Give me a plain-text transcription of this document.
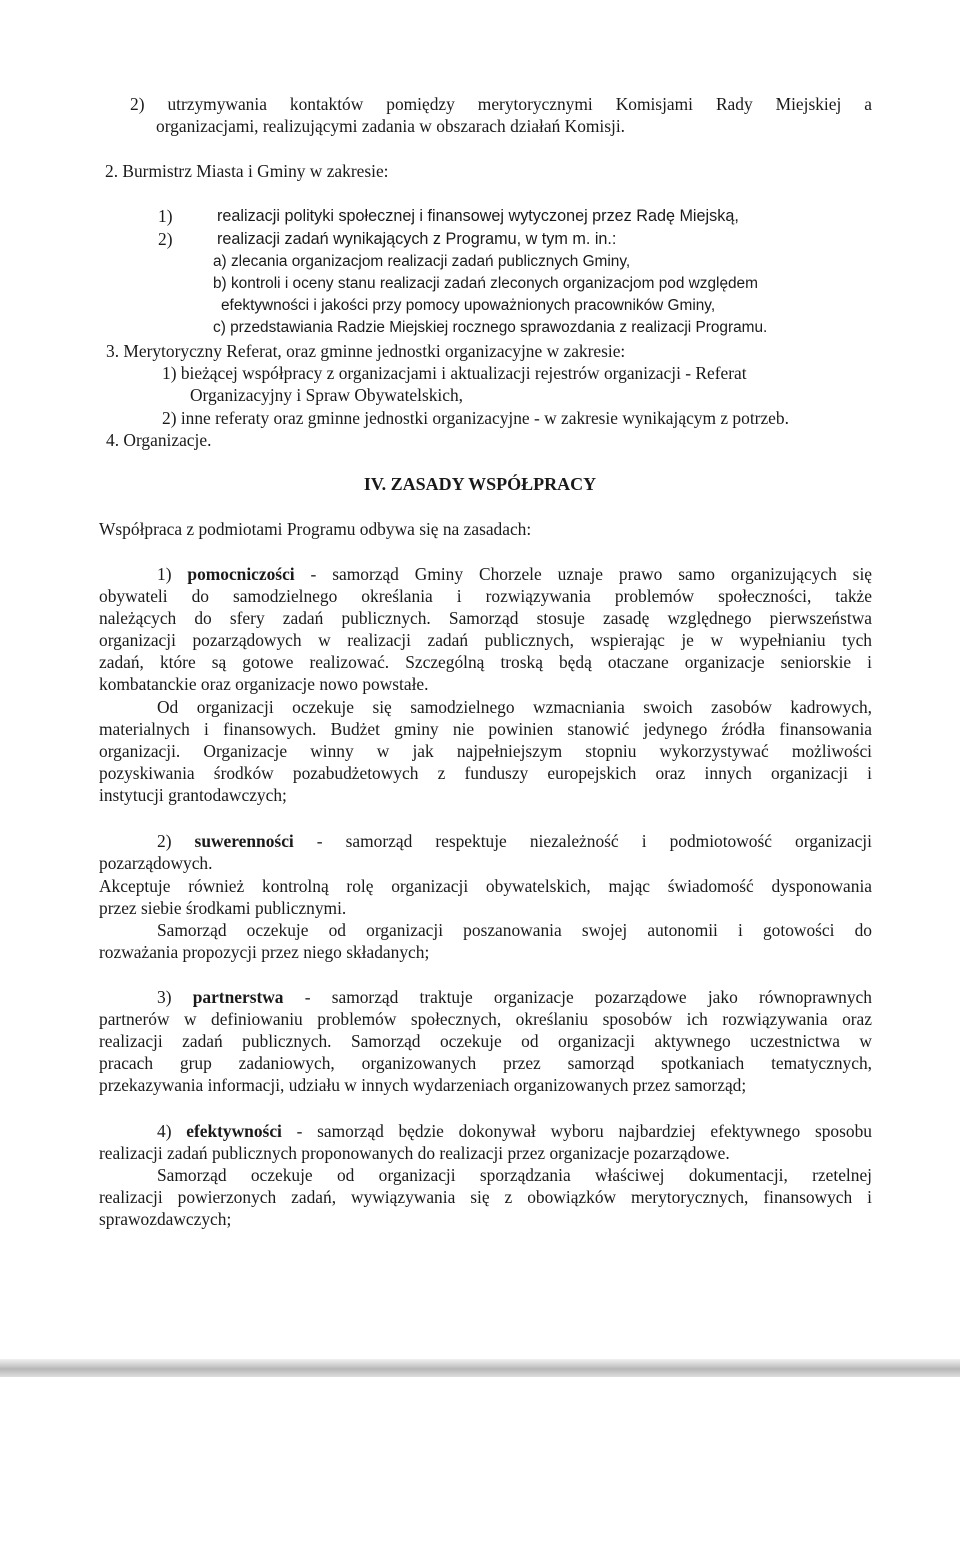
2) utrzymywania kontaktów pomiędzy merytorycznymi Komisjami Rady Miejskiej a
organizacjami, realizującymi zadania w obszarach działań Komisji.
2. Burmistrz Miasta i Gminy w zakresie:
1)	realizacji polityki społecznej i finansowej wytyczonej przez Radę Miejską,
2)	realizacji zadań wynikających z Programu, w tym m. in.:
a) zlecania organizacjom realizacji zadań publicznych Gminy,
b) kontroli i oceny stanu realizacji zadań zleconych organizacjom pod względem
efektywności i jakości przy pomocy upoważnionych pracowników Gminy,
c) przedstawiania Radzie Miejskiej rocznego sprawozdania z realizacji Programu.
3. Merytoryczny Referat, oraz gminne jednostki organizacyjne w zakresie:
1) bieżącej współpracy z organizacjami i aktualizacji rejestrów organizacji - Referat
Organizacyjny i Spraw Obywatelskich,
2) inne referaty oraz gminne jednostki organizacyjne - w zakresie wynikającym z potrzeb.
4. Organizacje.
IV. ZASADY WSPÓŁPRACY
Współpraca z podmiotami Programu odbywa się na zasadach:
1) pomocniczości - samorząd Gminy Chorzele uznaje prawo samo organizujących się
obywateli do samodzielnego określania i rozwiązywania problemów społeczności, także
należących do sfery zadań publicznych. Samorząd stosuje zasadę względnego pierwszeństwa
organizacji pozarządowych w realizacji zadań publicznych, wspierając je w wypełnianiu tych
zadań, które są gotowe realizować. Szczególną troską będą otaczane organizacje seniorskie i
kombatanckie oraz organizacje nowo powstałe.
Od organizacji oczekuje się samodzielnego wzmacniania swoich zasobów kadrowych,
materialnych i finansowych. Budżet gminy nie powinien stanowić jedynego źródła finansowania
organizacji. Organizacje winny w jak najpełniejszym stopniu wykorzystywać możliwości
pozyskiwania środków pozabudżetowych z funduszy europejskich oraz innych organizacji i
instytucji grantodawczych;
2) suwerenności - samorząd respektuje niezależność i podmiotowość organizacji
pozarządowych.
Akceptuje również kontrolną rolę organizacji obywatelskich, mając świadomość dysponowania
przez siebie środkami publicznymi.
Samorząd oczekuje od organizacji poszanowania swojej autonomii i gotowości do
rozważania propozycji przez niego składanych;
3) partnerstwa - samorząd traktuje organizacje pozarządowe jako równoprawnych
partnerów w definiowaniu problemów społecznych, określaniu sposobów ich rozwiązywania oraz
realizacji zadań publicznych. Samorząd oczekuje od organizacji aktywnego uczestnictwa w
pracach grup zadaniowych, organizowanych przez samorząd spotkaniach tematycznych,
przekazywania informacji, udziału w innych wydarzeniach organizowanych przez samorząd;
4) efektywności - samorząd będzie dokonywał wyboru najbardziej efektywnego sposobu
realizacji zadań publicznych proponowanych do realizacji przez organizacje pozarządowe.
Samorząd oczekuje od organizacji sporządzania właściwej dokumentacji, rzetelnej
realizacji powierzonych zadań, wywiązywania się z obowiązków merytorycznych, finansowych i
sprawozdawczych;
